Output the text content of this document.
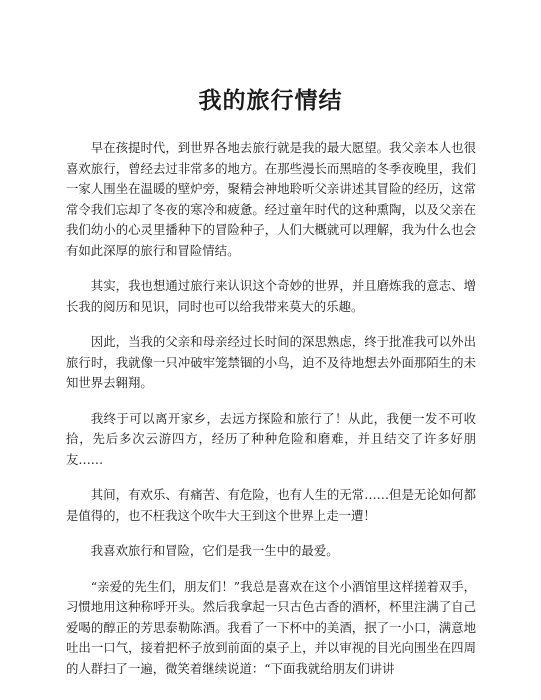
我的旅行情结

早在孩提时代，到世界各地去旅行就是我的最大愿望。我父亲本人也很喜欢旅行，曾经去过非常多的地方。在那些漫长而黑暗的冬季夜晚里，我们一家人围坐在温暖的壁炉旁，聚精会神地聆听父亲讲述其冒险的经历，这常常令我们忘却了冬夜的寒冷和疲惫。经过童年时代的这种熏陶，以及父亲在我们幼小的心灵里播种下的冒险种子，人们大概就可以理解，我为什么也会有如此深厚的旅行和冒险情结。

其实，我也想通过旅行来认识这个奇妙的世界，并且磨炼我的意志、增长我的阅历和见识，同时也可以给我带来莫大的乐趣。

因此，当我的父亲和母亲经过长时间的深思熟虑，终于批准我可以外出旅行时，我就像一只冲破牢笼禁锢的小鸟，迫不及待地想去外面那陌生的未知世界去翱翔。

我终于可以离开家乡，去远方探险和旅行了！从此，我便一发不可收拾，先后多次云游四方，经历了种种危险和磨难，并且结交了许多好朋友……

其间，有欢乐、有痛苦、有危险，也有人生的无常……但是无论如何都是值得的，也不枉我这个吹牛大王到这个世界上走一遭！

我喜欢旅行和冒险，它们是我一生中的最爱。

“亲爱的先生们，朋友们！”我总是喜欢在这个小酒馆里这样搓着双手，习惯地用这种称呼开头。然后我拿起一只古色古香的酒杯，杯里注满了自己爱喝的醇正的芳思泰勒陈酒。我看了一下杯中的美酒，抿了一小口，满意地吐出一口气，接着把杯子放到前面的桌子上，并以审视的目光向围坐在四周的人群扫了一遍，微笑着继续说道：“下面我就给朋友们讲讲
